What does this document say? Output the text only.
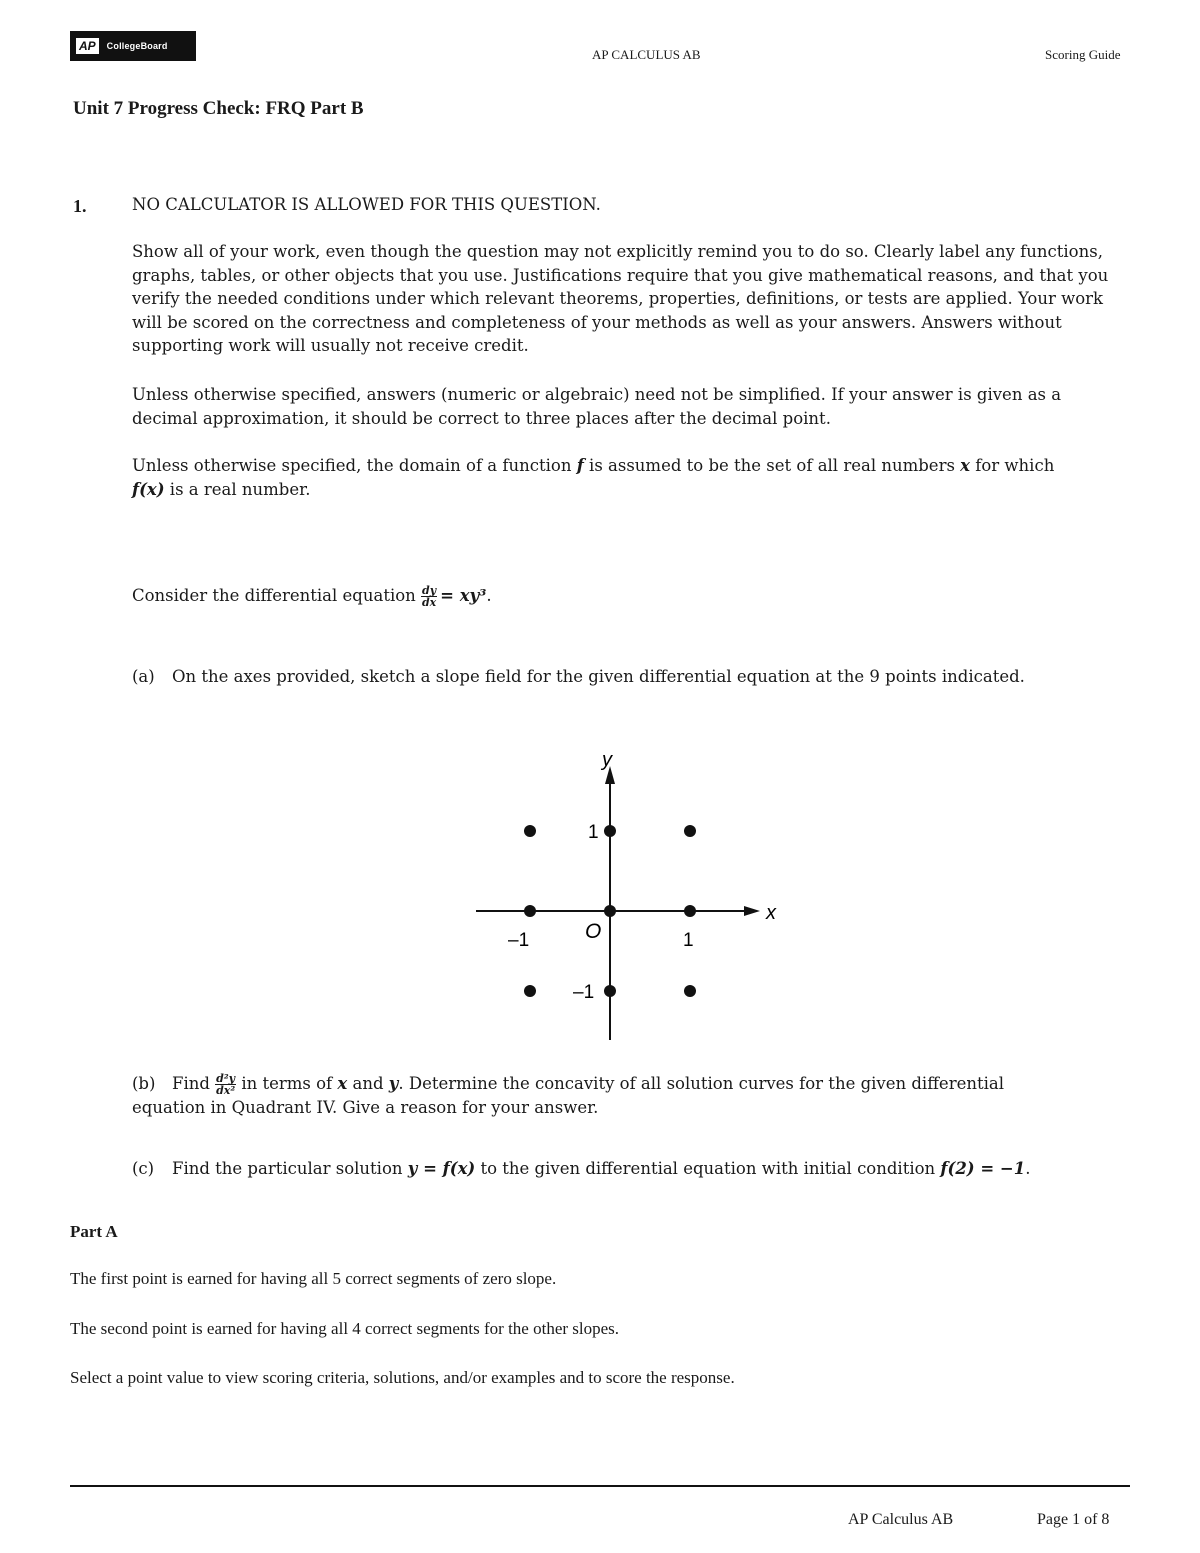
AP	CollegeBoard
AP CALCULUS AB	Scoring Guide
Unit 7 Progress Check: FRQ Part B
1.	NO CALCULATOR IS ALLOWED FOR THIS QUESTION.
Show all of your work, even though the question may not explicitly remind you to do so. Clearly label any functions, graphs, tables, or other objects that you use. Justifications require that you give mathematical reasons, and that you verify the needed conditions under which relevant theorems, properties, definitions, or tests are applied. Your work will be scored on the correctness and completeness of your methods as well as your answers. Answers without supporting work will usually not receive credit.
Unless otherwise specified, answers (numeric or algebraic) need not be simplified. If your answer is given as a decimal approximation, it should be correct to three places after the decimal point.
Unless otherwise specified, the domain of a function f is assumed to be the set of all real numbers x for which
f(x) is a real number.
Consider the differential equation $\frac{dy}{dx} = xy^3$.
(a) On the axes provided, sketch a slope field for the given differential equation at the 9 points indicated.
y
x
O
1
–1
–1	1
(b) Find $\frac{\text{d²y}}{\text{dx²}}$ in terms of x and y. Determine the concavity of all solution curves for the given differential
equation in Quadrant IV. Give a reason for your answer.
(c) Find the particular solution y = f(x) to the given differential equation with initial condition f(2) = −1.
Part A
The first point is earned for having all 5 correct segments of zero slope.
The second point is earned for having all 4 correct segments for the other slopes.
Select a point value to view scoring criteria, solutions, and/or examples and to score the response.
AP Calculus AB	Page 1 of 8
